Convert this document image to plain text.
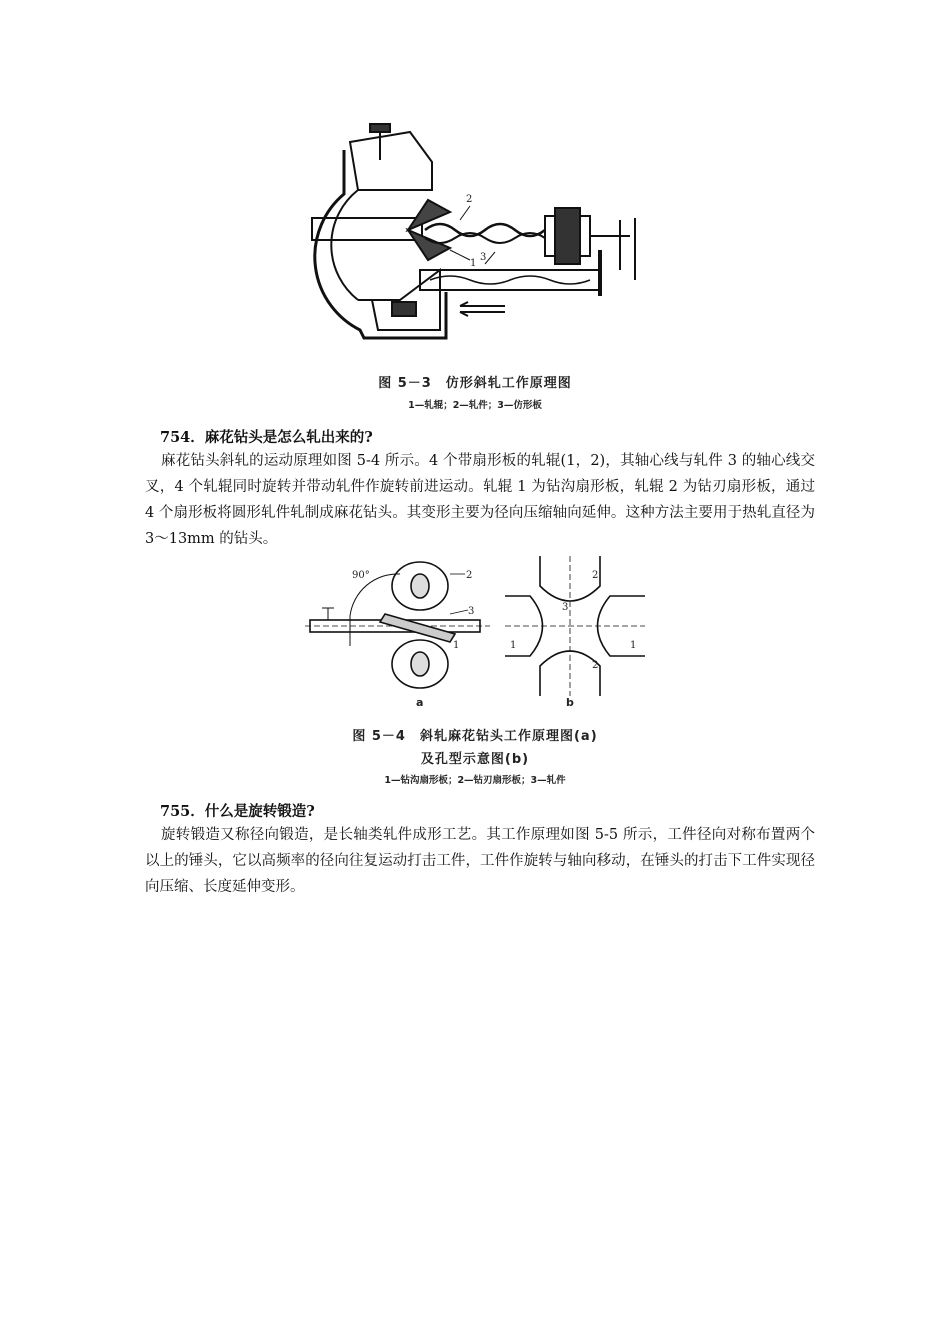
1
2
3
图 5－3　仿形斜轧工作原理图
1—轧辊；2—轧件；3—仿形板
754．麻花钻头是怎么轧出来的?

麻花钻头斜轧的运动原理如图 5-4 所示。4 个带扇形板的轧辊(1，2)，其轴心线与轧件 3 的轴心线交叉，4 个轧辊同时旋转并带动轧件作旋转前进运动。轧辊 1 为钻沟扇形板，轧辊 2 为钻刃扇形板，通过 4 个扇形板将圆形轧件轧制成麻花钻头。其变形主要为径向压缩轴向延伸。这种方法主要用于热轧直径为 3～13mm 的钻头。

90°
1
2
3
1	1
2
2
3
a	b
图 5－4　斜轧麻花钻头工作原理图(a)
及孔型示意图(b)
1—钻沟扇形板；2—钻刃扇形板；3—轧件
755．什么是旋转锻造?

旋转锻造又称径向锻造，是长轴类轧件成形工艺。其工作原理如图 5-5 所示，工件径向对称布置两个以上的锤头，它以高频率的径向往复运动打击工件，工件作旋转与轴向移动，在锤头的打击下工件实现径向压缩、长度延伸变形。
